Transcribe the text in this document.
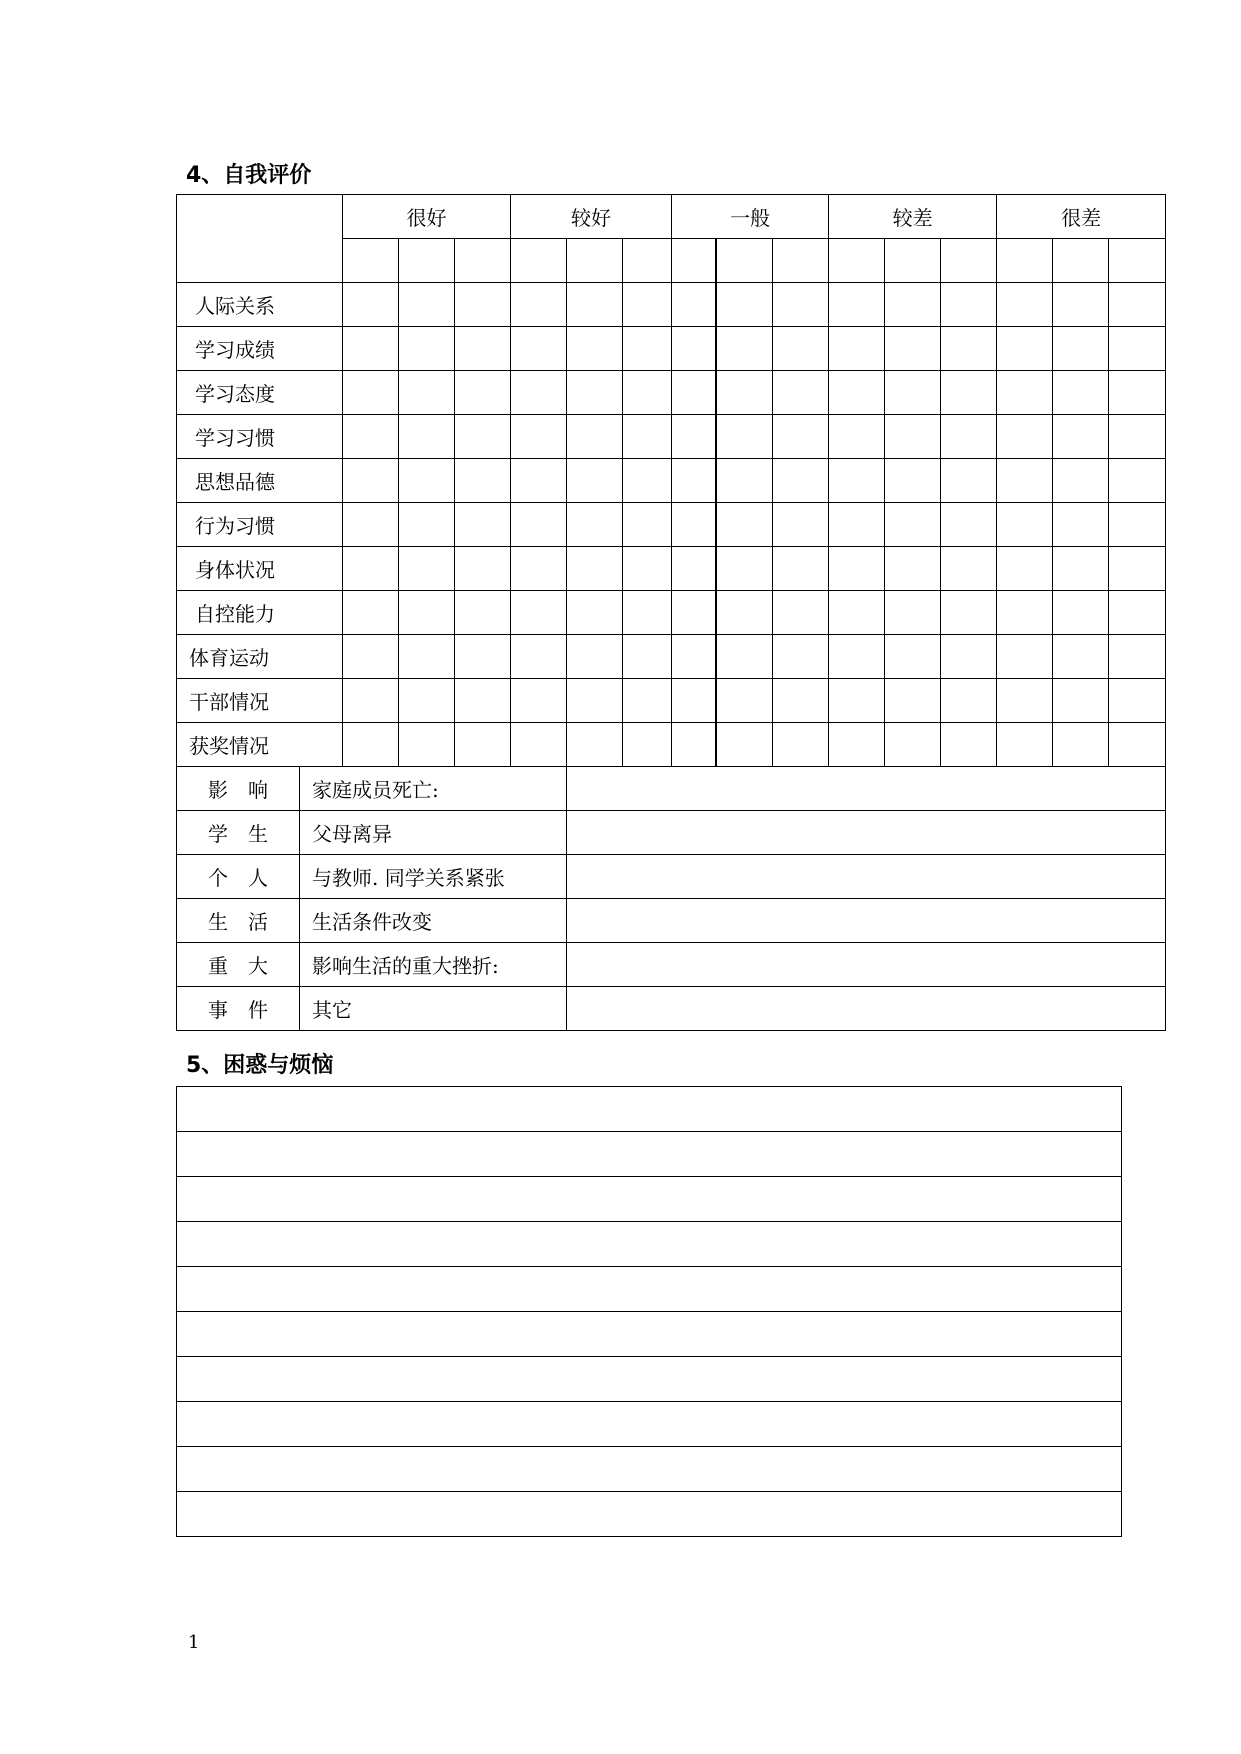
4、自我评价
		很好			较好			一般			较差			很差		

人际关系																
学习成绩																
学习态度																
学习习惯																
思想品德																
行为习惯																
身体状况																
自控能力																
体育运动																
干部情况																
获奖情况																
影 响	家庭成员死亡:															
学 生	父母离异															
个 人	与教师. 同学关系紧张															
生 活	生活条件改变															
重 大	影响生活的重大挫折:															
事 件	其它															
5、困惑与烦恼

1
